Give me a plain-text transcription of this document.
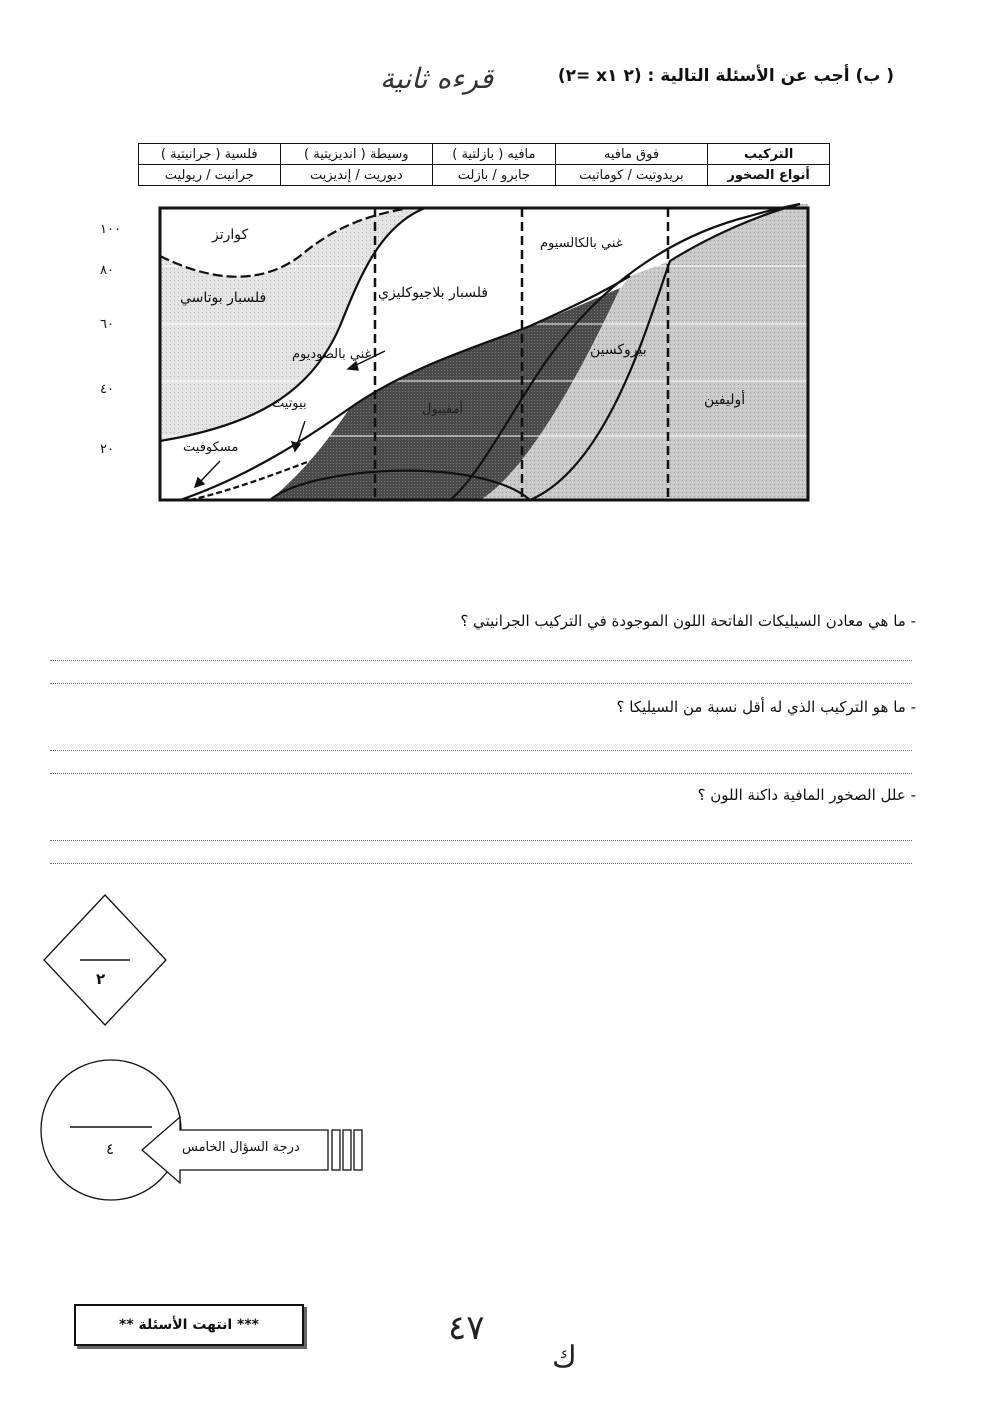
( ب) أجب عن الأسئلة التالية : (٢ x١ =٢)
قرءه ثانية
التركيب	فوق مافيه	مافيه ( بازلتية )	وسيطة ( انديزيتية )	فلسية ( جرانيتية )
أنواع الصخور	بريدوتيت / كوماتيت	جابرو / بازلت	ديوريت / إنديزيت	جرانيت / ريوليت
١٠٠
٨٠
٦٠
٤٠
٢٠
كوارتز
فلسبار بوتاسي	فلسبار بلاجيوكليزي
غني بالصوديوم
غني بالكالسيوم
بيوتيت
مسكوفيت
أمفيبول
بيروكسين
أوليفين
- ما هي معادن السيليكات الفاتحة اللون الموجودة في التركيب الجرانيتي ؟
- ما هو التركيب الذي له أقل نسبة من السيليكا ؟
- علل الصخور المافية داكنة اللون ؟
٢
٤	درجة السؤال الخامس
*** انتهت الأسئلة **	٤٧
ك
